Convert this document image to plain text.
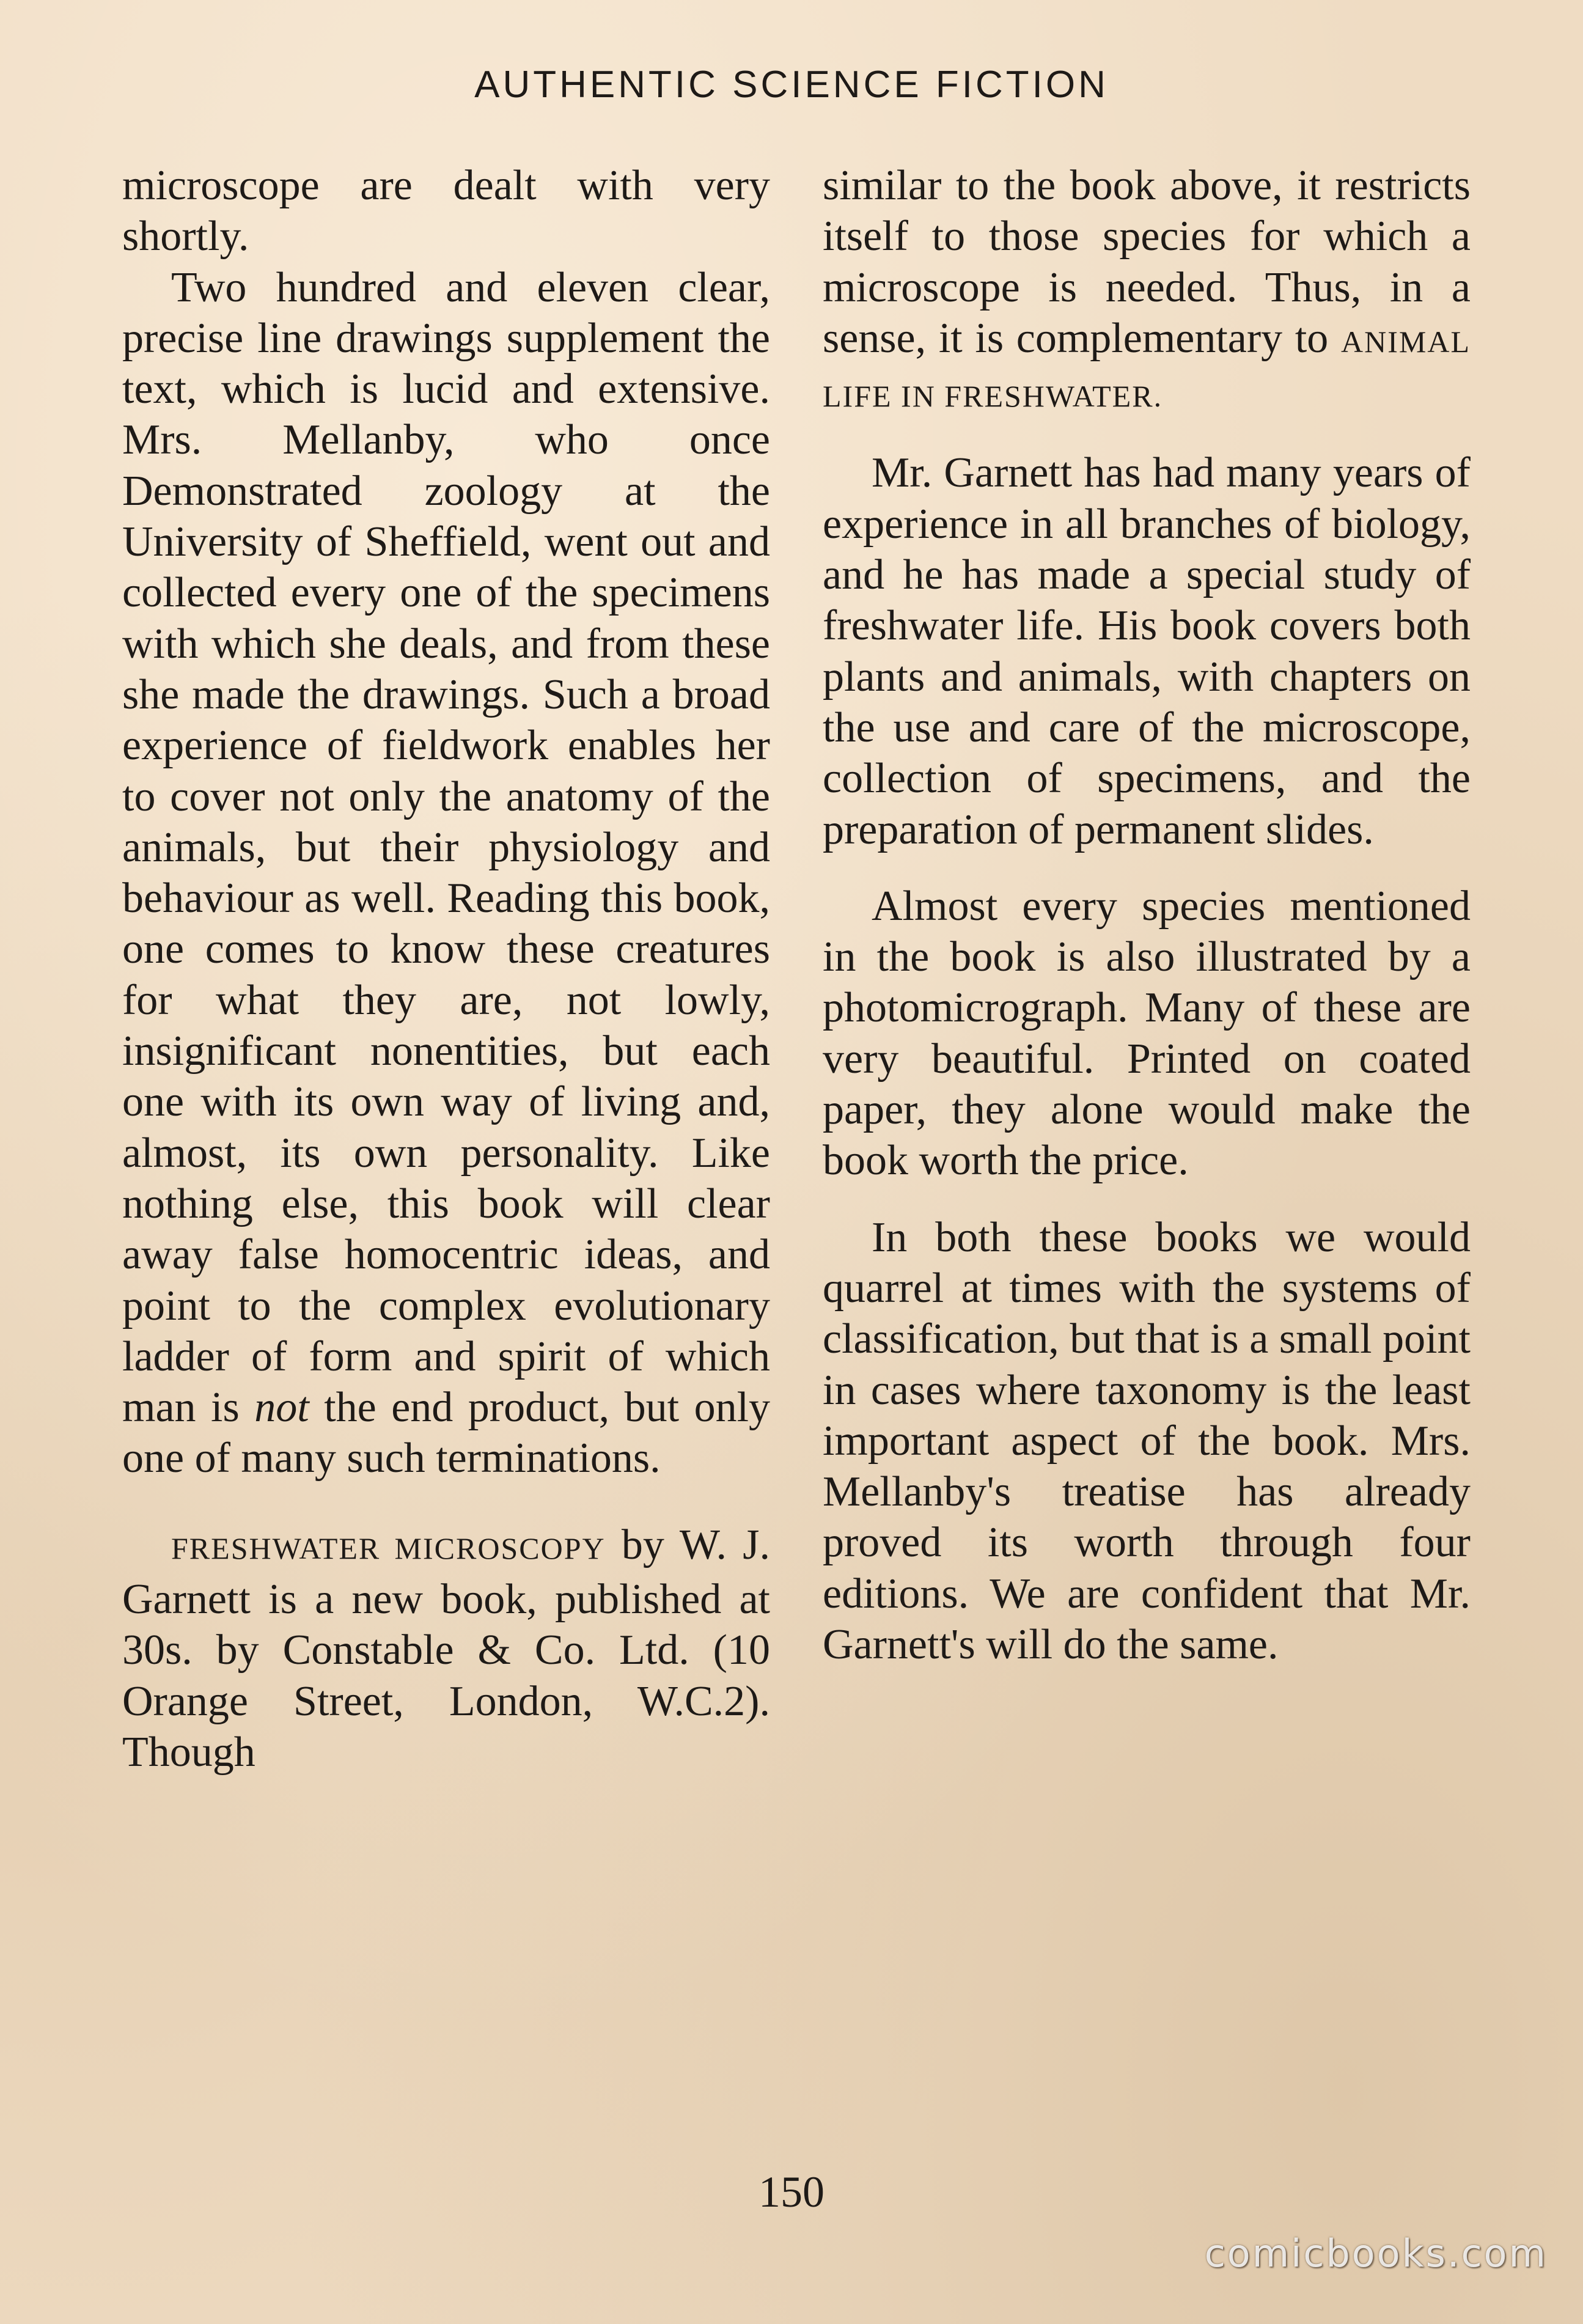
AUTHENTIC SCIENCE FICTION

microscope are dealt with very shortly.

Two hundred and eleven clear, precise line drawings supplement the text, which is lucid and extensive. Mrs. Mellanby, who once Demonstrated zoology at the University of Sheffield, went out and collected every one of the specimens with which she deals, and from these she made the drawings. Such a broad experience of fieldwork enables her to cover not only the anatomy of the animals, but their physiology and behaviour as well. Reading this book, one comes to know these creatures for what they are, not lowly, insignificant nonentities, but each one with its own way of living and, almost, its own personality. Like nothing else, this book will clear away false homocentric ideas, and point to the complex evolutionary ladder of form and spirit of which man is not the end product, but only one of many such terminations.

FRESHWATER MICROSCOPY by W. J. Garnett is a new book, published at 30s. by Constable & Co. Ltd. (10 Orange Street, London, W.C.2). Though

similar to the book above, it restricts itself to those species for which a microscope is needed. Thus, in a sense, it is complementary to ANIMAL LIFE IN FRESHWATER.

Mr. Garnett has had many years of experience in all branches of biology, and he has made a special study of freshwater life. His book covers both plants and animals, with chapters on the use and care of the microscope, collection of specimens, and the preparation of permanent slides.

Almost every species mentioned in the book is also illustrated by a photomicrograph. Many of these are very beautiful. Printed on coated paper, they alone would make the book worth the price.

In both these books we would quarrel at times with the systems of classification, but that is a small point in cases where taxonomy is the least important aspect of the book. Mrs. Mellanby's treatise has already proved its worth through four editions. We are confident that Mr. Garnett's will do the same.

150
comicbooks.com
